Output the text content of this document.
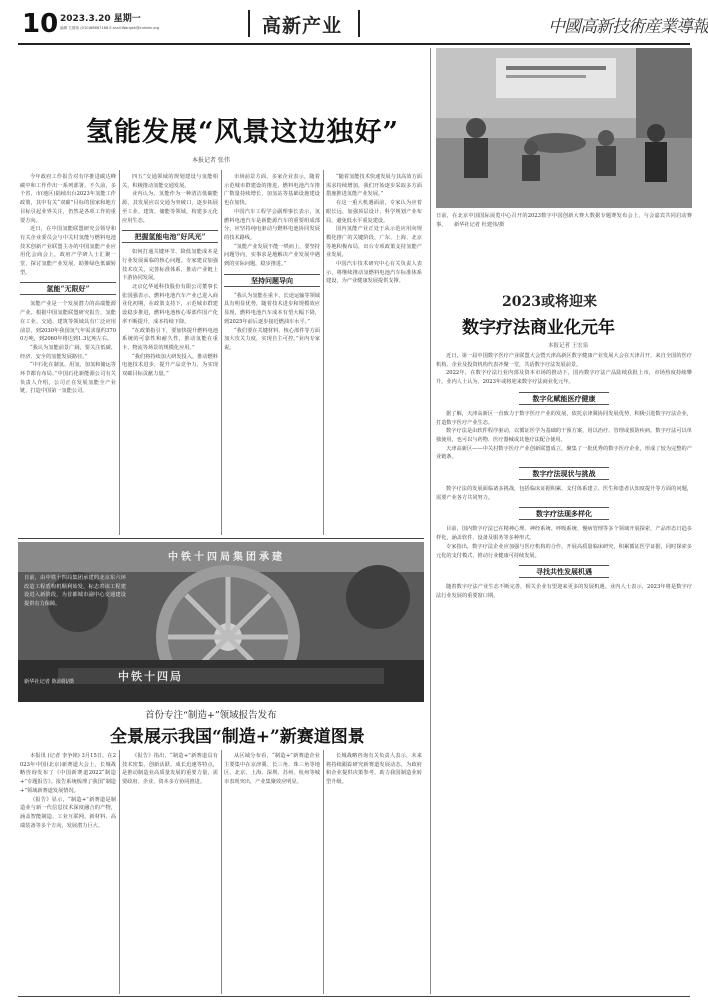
10 2023.3.20 星期一
编辑 左德伟 (010)68667188 E-mail:Wangsh@cnhbtn.org	高新产业	中國高新技術産業導報
氢能发展“风景这边独好”
本报记者 张伟

今年政府工作报告对有序推进碳达峰碳中和工作作出一系列部署。不久前，多个省、市(地区)陆续出台2023年氢能工作政策，其中有关“双碳”目标的国家和地方目标引起业界关注，仍然是各项工作的重要方向。

近日，在中国氢能联盟研究会领导和有关企业委员会与中关村氢能与燃料电池技术创新产业联盟主办的中国氢能产业应用化会商会上，政府产学研人士汇聚一堂，探讨氢能产业发展，助推绿色低碳转型。

氢能“无限好”

氢能产业是一个发展潜力的高端能源产业。根据中国氢能联盟研究报告，氢能在工业、交通、建筑等领域具有广泛应用前景，到2030年我国氢气年需求量约3700万吨，到2060年将达到1.3亿吨左右。

“我认为氢能前景广阔，要关注低碳、经济、安全的氢能发展路径。”

“中石化在制氢、用氢、加氢和储运等环节都有布局。”中国石化新能源公司有关负责人介绍，公司正在发展氢能全产业链，打造中国第一氢能公司。

四五”交通领域的规划建设与氢能相关，积极推动氢能交通发展。

业内认为，氢能作为一种清洁低碳能源，其发展应以交通为突破口，逐步拓展至工业、建筑、储能等领域，构建多元化应用生态。

把握氢能电池“好风光”

如何打通关键环节、降低氢能成本是行业发展面临的核心问题。专家建议加强技术攻关，完善标准体系，推动产业链上下游协同发展。

北京亿华通科技股份有限公司董事长张国强表示，燃料电池汽车产业已进入商业化初期，在政策支持下，示范城市群建设稳步推进，燃料电池核心零部件国产化率不断提升，成本持续下降。

“在政策指引下，要加快提升燃料电池系统的可靠性和耐久性，推动氢能在重卡、物流等场景的规模化应用。”

“我们将持续加大研发投入，推动燃料电池技术进步，提升产品竞争力，为实现双碳目标贡献力量。”

市场前景方面，多家企业表示，随着示范城市群建设的推进，燃料电池汽车推广数量持续增长，加氢站等基础设施建设也在加快。

中国汽车工程学会副理事长表示，氢燃料电池汽车是新能源汽车的重要组成部分，应坚持纯电驱动与燃料电池协同发展的技术路线。

“氢能产业发展不能一哄而上，要坚持问题导向，实事求是地解决产业发展中遇到的实际问题，稳步推进。”

坚持问题导向

“我认为氢能在重卡、长途运输等领域具有明显优势，随着技术进步和规模效应显现，燃料电池汽车成本有望大幅下降，到2025年前后逐步接近燃油车水平。”

“我们要在关键材料、核心部件等方面加大攻关力度，实现自主可控。”业内专家说。

“随着氢能技术快速发展与其高效方面需求持续增加，我们开始逐步采取多方面措施推进氢能产业发展。”

在这一重大机遇面前，专家认为应着眼长远，加强顶层设计，科学规划产业布局，避免低水平重复建设。

国内氢能产业正处于从示范应用向规模化推广的关键阶段，广东、上海、北京等地积极布局，出台专项政策支持氢能产业发展。

中国汽车技术研究中心有关负责人表示，将继续推动氢燃料电池汽车标准体系建设，为产业健康发展提供支撑。

日前，在北京中国国际展览中心召开的2023数字中国创新大赛大数据专题赛发布会上，与会嘉宾共同启动赛事。 新华社记者 杜建伟/摄
2023或将迎来
数字疗法商业化元年
本报记者 王宏泉

近日，第一届中国数字医疗产业联盟大会暨天津高新区数字健康产业发展大会在天津召开，来自全国的医疗机构、企业及投资机构代表齐聚一堂，共话数字疗法发展前景。

2022年，在数字疗法行业内部及资本市场的推动下，国内数字疗法产品陆续获批上市，市场热度持续攀升。业内人士认为，2023年或将迎来数字疗法商业化元年。

数字化赋能医疗健康

据了解，天津高新区一直致力于数字医疗产业的发展，依托京津冀协同发展优势，积极引进数字疗法企业，打造数字医疗产业生态。

数字疗法是由软件程序驱动，以循证医学为基础的干预方案，用以治疗、管理或预防疾病。数字疗法可以单独使用，也可以与药物、医疗器械或其他疗法配合使用。

天津高新区——中关村数字医疗产业创新联盟成立，聚集了一批优秀的数字医疗企业，形成了较为完整的产业链条。

数字疗法现状与挑战

数字疗法的发展面临诸多挑战，包括临床证据积累、支付体系建立、医生和患者认知度提升等方面的问题，需要产业各方共同努力。

数字疗法现多样化

目前，国内数字疗法已在精神心理、神经系统、呼吸系统、慢病管理等多个领域开展探索，产品形态日趋多样化，涵盖软件、设备及服务等多种形式。

专家指出，数字疗法企业应加强与医疗机构的合作，开展高质量临床研究，积累循证医学证据，同时探索多元化的支付模式，推动行业健康可持续发展。

寻找共性发展机遇

随着数字疗法产业生态不断完善，相关企业有望迎来更多的发展机遇。业内人士表示，2023年将是数字疗法行业发展的重要窗口期。

中铁十四局集团承建
中铁十四局
日前，由中铁十四局集团承建的北京东六环改造工程盾构机顺利始发，标志着该工程建设进入新阶段，为首都城市副中心交通建设提供有力保障。
新华社记者 陈沛阳/摄
首份专注“制造+”领域报告发布
全景展示我国“制造+”新赛道图景

本报讯 (记者 李争铭) 3月15日，在2023年中国(北京)新赛道大会上，长城战略咨询发布了《中国新赛道2022“制造+”专题报告》。报告系统梳理了我国“制造+”领域新赛道发展情况。

《报告》显示，“制造+”新赛道是制造业与新一代信息技术深度融合的产物，涵盖智能制造、工业互联网、新材料、高端装备等多个方向，发展潜力巨大。

《报告》指出，“制造+”新赛道具有技术密集、创新活跃、成长迅速等特点，是推动制造业高质量发展的重要力量，需要政府、企业、资本多方协同推进。

从区域分布看，“制造+”新赛道企业主要集中在京津冀、长三角、珠三角等地区，北京、上海、深圳、苏州、杭州等城市表现突出，产业集聚效应明显。

长城战略咨询有关负责人表示，未来将持续跟踪研究新赛道发展动态，为政府和企业提供决策参考，助力我国制造业转型升级。
